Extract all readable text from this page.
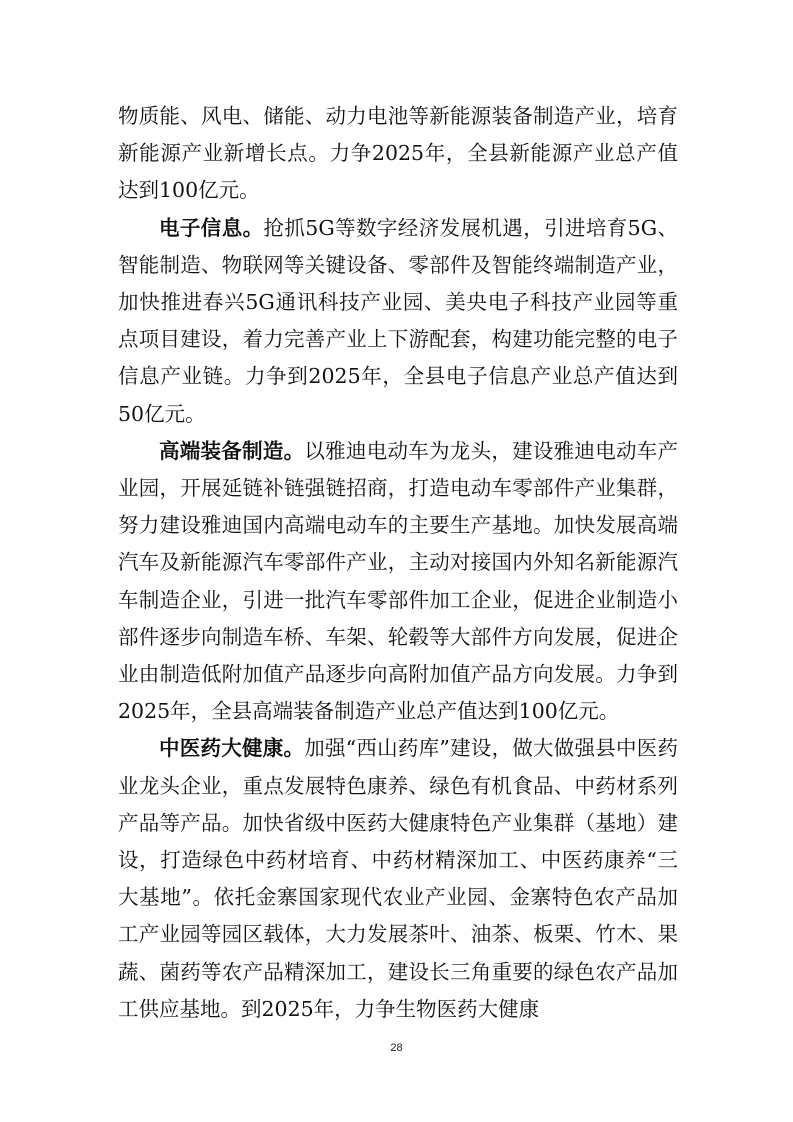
物质能、风电、储能、动力电池等新能源装备制造产业，培育新能源产业新增长点。力争2025年，全县新能源产业总产值达到100亿元。

电子信息。抢抓5G等数字经济发展机遇，引进培育5G、智能制造、物联网等关键设备、零部件及智能终端制造产业，加快推进春兴5G通讯科技产业园、美央电子科技产业园等重点项目建设，着力完善产业上下游配套，构建功能完整的电子信息产业链。力争到2025年，全县电子信息产业总产值达到50亿元。

高端装备制造。以雅迪电动车为龙头，建设雅迪电动车产业园，开展延链补链强链招商，打造电动车零部件产业集群，努力建设雅迪国内高端电动车的主要生产基地。加快发展高端汽车及新能源汽车零部件产业，主动对接国内外知名新能源汽车制造企业，引进一批汽车零部件加工企业，促进企业制造小部件逐步向制造车桥、车架、轮毂等大部件方向发展，促进企业由制造低附加值产品逐步向高附加值产品方向发展。力争到2025年，全县高端装备制造产业总产值达到100亿元。

中医药大健康。加强“西山药库”建设，做大做强县中医药业龙头企业，重点发展特色康养、绿色有机食品、中药材系列产品等产品。加快省级中医药大健康特色产业集群（基地）建设，打造绿色中药材培育、中药材精深加工、中医药康养“三大基地”。依托金寨国家现代农业产业园、金寨特色农产品加工产业园等园区载体，大力发展茶叶、油茶、板栗、竹木、果蔬、菌药等农产品精深加工，建设长三角重要的绿色农产品加工供应基地。到2025年，力争生物医药大健康

28
